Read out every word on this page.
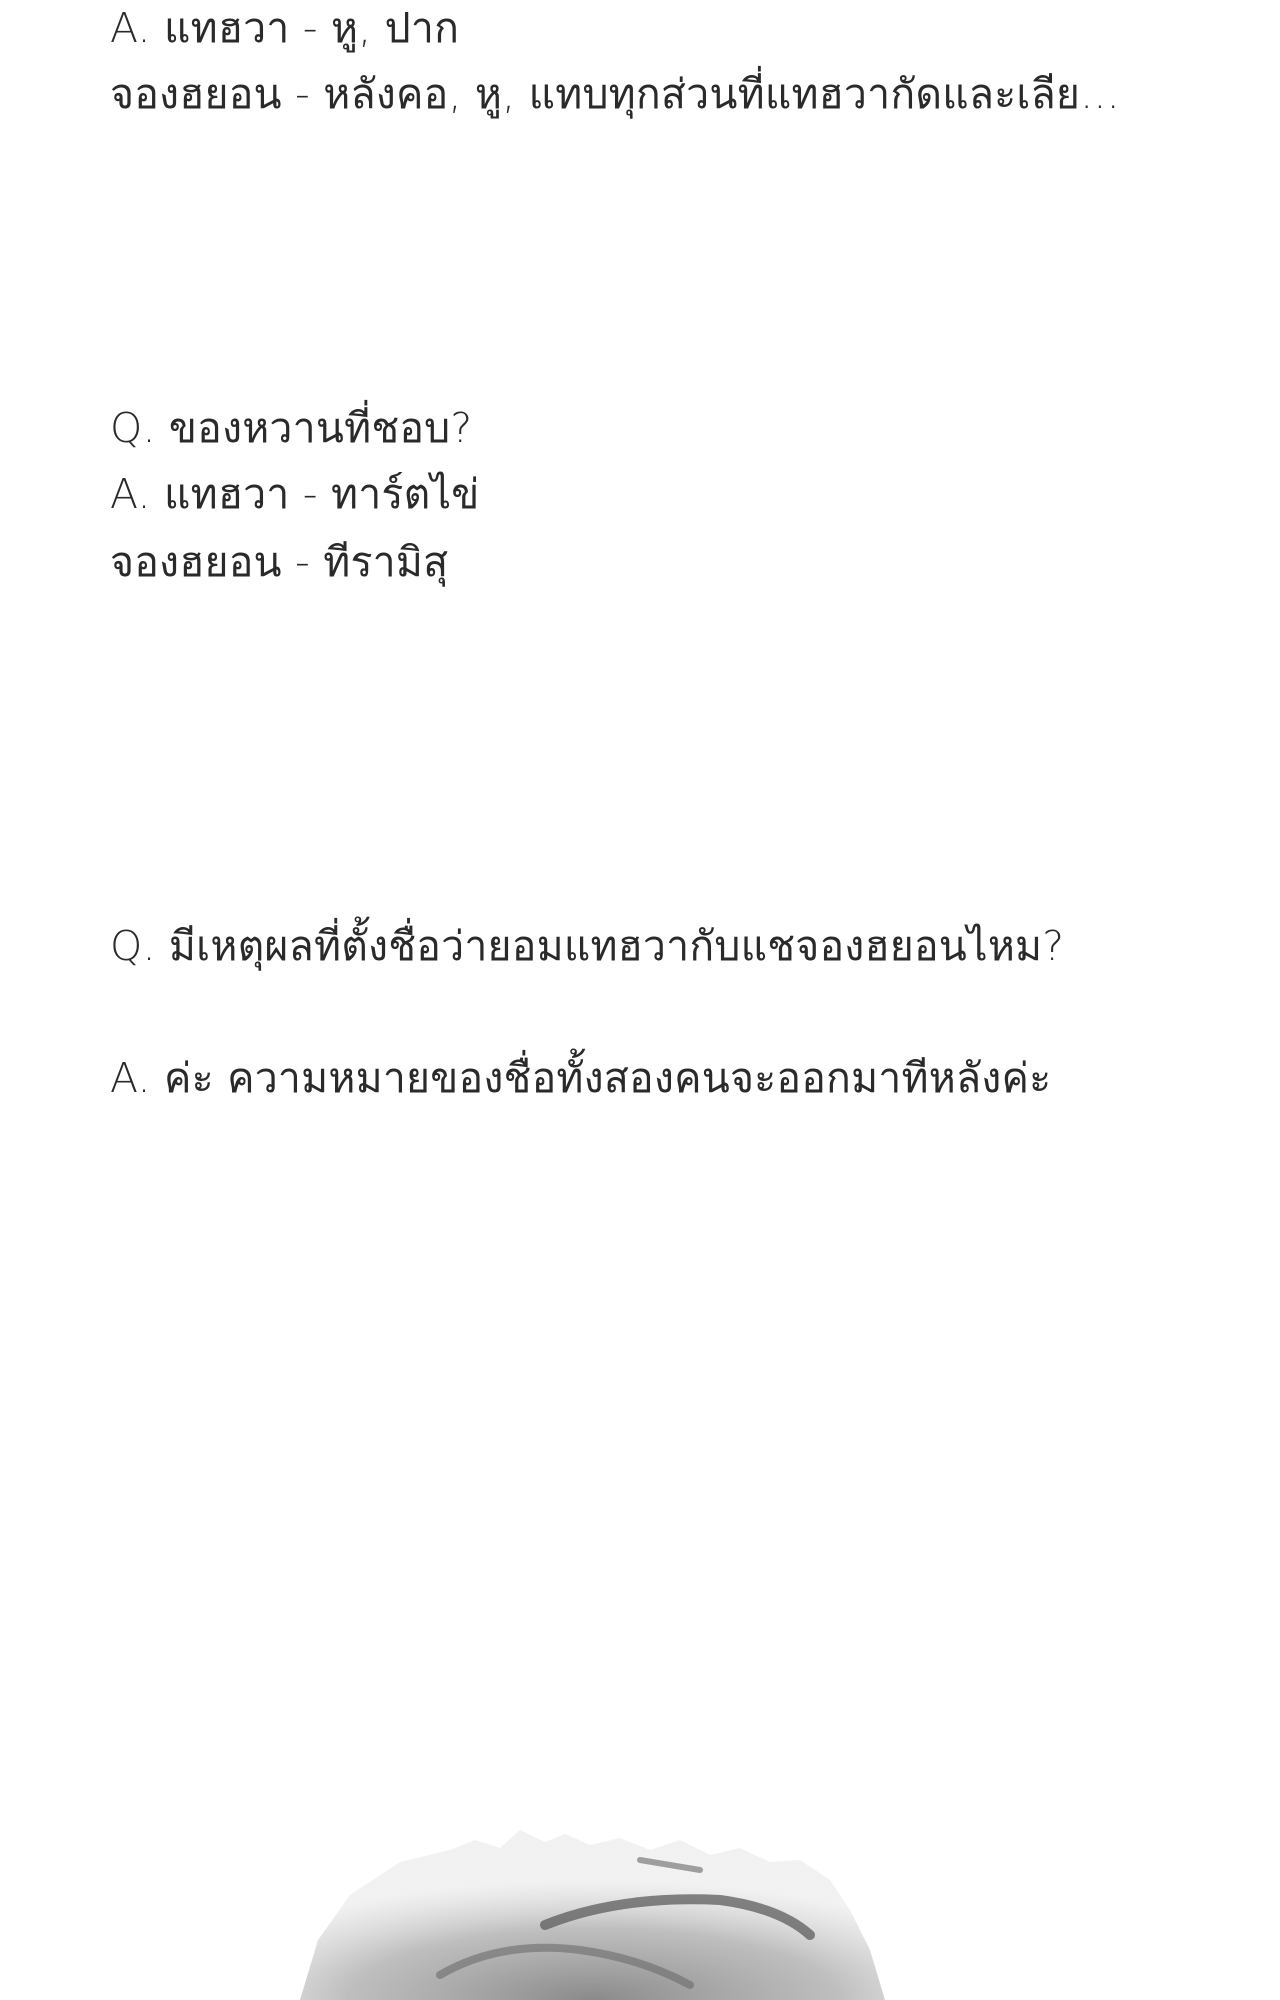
A. แทฮวา - หู, ปาก
จองฮยอน - หลังคอ, หู, แทบทุกส่วนที่แทฮวากัดและเลีย...
Q. ของหวานที่ชอบ?
A. แทฮวา - ทาร์ตไข่
จองฮยอน - ทีรามิสุ
Q. มีเหตุผลที่ตั้งชื่อว่ายอมแทฮวากับแชจองฮยอนไหม?
A. ค่ะ ความหมายของชื่อทั้งสองคนจะออกมาทีหลังค่ะ
